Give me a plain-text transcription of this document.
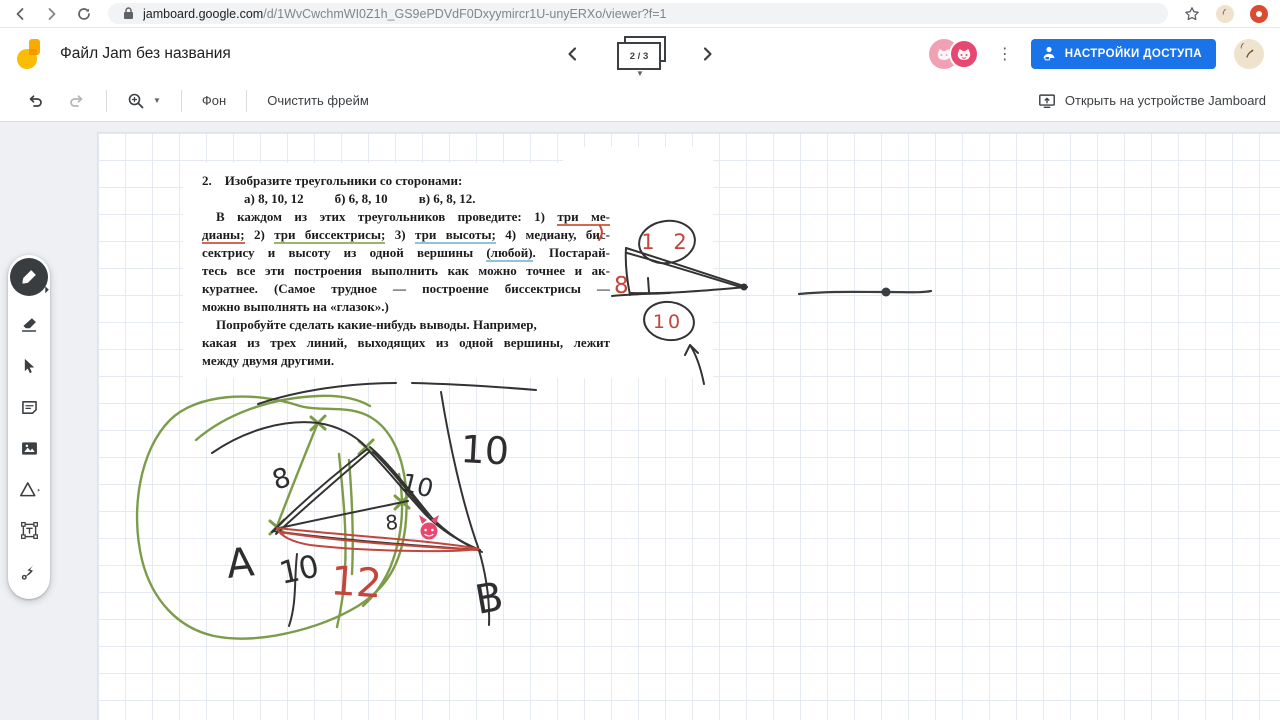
jamboard.google.com/d/1WvCwchmWI0Z1h_GS9ePDVdF0Dxyymircr1U-unyERXo/viewer?f=1
Файл Jam без названия	2 / 3
▼
⋮	НАСТРОЙКИ ДОСТУПА
▼	Фон	Очистить фрейм	Открыть на устройстве Jamboard
2. Изобразите треугольники со сторонами:
а) 8, 10, 12 б) 6, 8, 10 в) 6, 8, 12.
В каждом из этих треугольников проведите: 1) три ме-
дианы; 2) три биссектрисы; 3) три высоты; 4) медиану, бис-
сектрису и высоту из одной вершины (любой). Постарай-
тесь все эти построения выполнить как можно точнее и ак-
куратнее. (Самое трудное — построение биссектрисы —
можно выполнять на «глазок».)
Попробуйте сделать какие-нибудь выводы. Например,
какая из трех линий, выходящих из одной вершины, лежит
между двумя другими.
1 2
8
10
8	10
8
10
10
A
B
12
